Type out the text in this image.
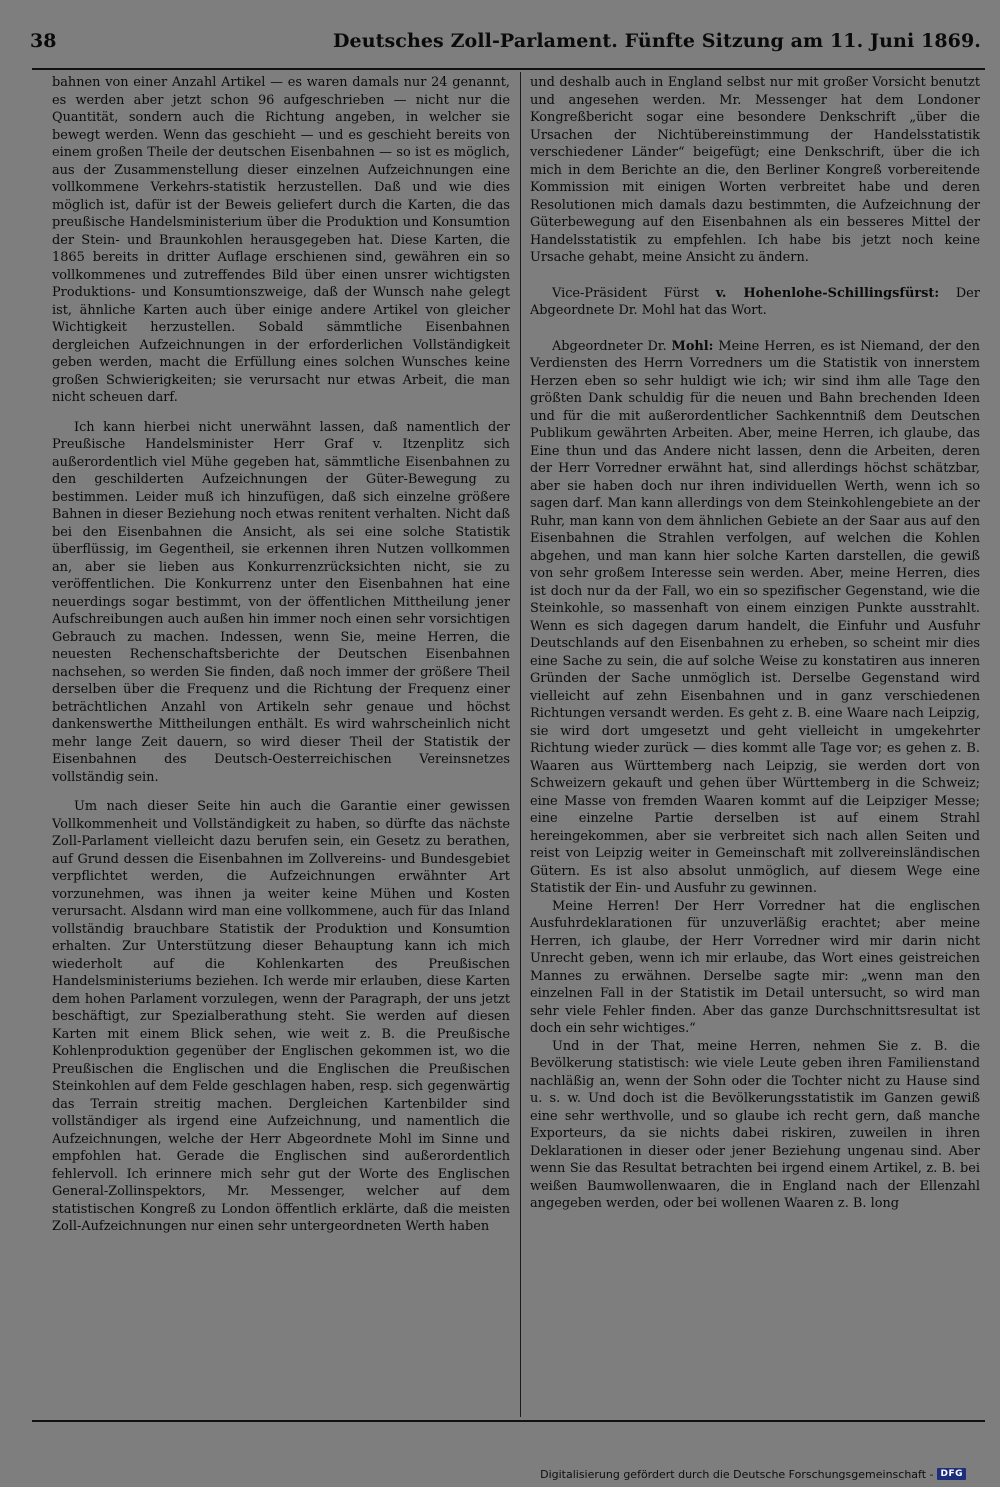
38	Deutsches Zoll-Parlament. Fünfte Sitzung am 11. Juni 1869.

bahnen von einer Anzahl Artikel — es waren damals nur 24 genannt, es werden aber jetzt schon 96 aufgeschrieben — nicht nur die Quantität, sondern auch die Richtung angeben, in welcher sie bewegt werden. Wenn das geschieht — und es geschieht bereits von einem großen Theile der deutschen Eisenbahnen — so ist es möglich, aus der Zusammenstellung dieser einzelnen Aufzeichnungen eine vollkommene Verkehrs-statistik herzustellen. Daß und wie dies möglich ist, dafür ist der Beweis geliefert durch die Karten, die das preußische Handelsministerium über die Produktion und Konsumtion der Stein- und Braunkohlen herausgegeben hat. Diese Karten, die 1865 bereits in dritter Auflage erschienen sind, gewähren ein so vollkommenes und zutreffendes Bild über einen unsrer wichtigsten Produktions- und Konsumtionszweige, daß der Wunsch nahe gelegt ist, ähnliche Karten auch über einige andere Artikel von gleicher Wichtigkeit herzustellen. Sobald sämmtliche Eisenbahnen dergleichen Aufzeichnungen in der erforderlichen Vollständigkeit geben werden, macht die Erfüllung eines solchen Wunsches keine großen Schwierigkeiten; sie verursacht nur etwas Arbeit, die man nicht scheuen darf.

Ich kann hierbei nicht unerwähnt lassen, daß namentlich der Preußische Handelsminister Herr Graf v. Itzenplitz sich außerordentlich viel Mühe gegeben hat, sämmtliche Eisenbahnen zu den geschilderten Aufzeichnungen der Güter-Bewegung zu bestimmen. Leider muß ich hinzufügen, daß sich einzelne größere Bahnen in dieser Beziehung noch etwas renitent verhalten. Nicht daß bei den Eisenbahnen die Ansicht, als sei eine solche Statistik überflüssig, im Gegentheil, sie erkennen ihren Nutzen vollkommen an, aber sie lieben aus Konkurrenzrücksichten nicht, sie zu veröffentlichen. Die Konkurrenz unter den Eisenbahnen hat eine neuerdings sogar bestimmt, von der öffentlichen Mittheilung jener Aufschreibungen auch außen hin immer noch einen sehr vorsichtigen Gebrauch zu machen. Indessen, wenn Sie, meine Herren, die neuesten Rechenschaftsberichte der Deutschen Eisenbahnen nachsehen, so werden Sie finden, daß noch immer der größere Theil derselben über die Frequenz und die Richtung der Frequenz einer beträchtlichen Anzahl von Artikeln sehr genaue und höchst dankenswerthe Mittheilungen enthält. Es wird wahrscheinlich nicht mehr lange Zeit dauern, so wird dieser Theil der Statistik der Eisenbahnen des Deutsch-Oesterreichischen Vereinsnetzes vollständig sein.

Um nach dieser Seite hin auch die Garantie einer gewissen Vollkommenheit und Vollständigkeit zu haben, so dürfte das nächste Zoll-Parlament vielleicht dazu berufen sein, ein Gesetz zu berathen, auf Grund dessen die Eisenbahnen im Zollvereins- und Bundesgebiet verpflichtet werden, die Aufzeichnungen erwähnter Art vorzunehmen, was ihnen ja weiter keine Mühen und Kosten verursacht. Alsdann wird man eine vollkommene, auch für das Inland vollständig brauchbare Statistik der Produktion und Konsumtion erhalten. Zur Unterstützung dieser Behauptung kann ich mich wiederholt auf die Kohlenkarten des Preußischen Handelsministeriums beziehen. Ich werde mir erlauben, diese Karten dem hohen Parlament vorzulegen, wenn der Paragraph, der uns jetzt beschäftigt, zur Spezialberathung steht. Sie werden auf diesen Karten mit einem Blick sehen, wie weit z. B. die Preußische Kohlenproduktion gegenüber der Englischen gekommen ist, wo die Preußischen die Englischen und die Englischen die Preußischen Steinkohlen auf dem Felde geschlagen haben, resp. sich gegenwärtig das Terrain streitig machen. Dergleichen Kartenbilder sind vollständiger als irgend eine Aufzeichnung, und namentlich die Aufzeichnungen, welche der Herr Abgeordnete Mohl im Sinne und empfohlen hat. Gerade die Englischen sind außerordentlich fehlervoll. Ich erinnere mich sehr gut der Worte des Englischen General-Zollinspektors, Mr. Messenger, welcher auf dem statistischen Kongreß zu London öffentlich erklärte, daß die meisten Zoll-Aufzeichnungen nur einen sehr untergeordneten Werth haben

und deshalb auch in England selbst nur mit großer Vorsicht benutzt und angesehen werden. Mr. Messenger hat dem Londoner Kongreßbericht sogar eine besondere Denkschrift „über die Ursachen der Nichtübereinstimmung der Handelsstatistik verschiedener Länder“ beigefügt; eine Denkschrift, über die ich mich in dem Berichte an die, den Berliner Kongreß vorbereitende Kommission mit einigen Worten verbreitet habe und deren Resolutionen mich damals dazu bestimmten, die Aufzeichnung der Güterbewegung auf den Eisenbahnen als ein besseres Mittel der Handelsstatistik zu empfehlen. Ich habe bis jetzt noch keine Ursache gehabt, meine Ansicht zu ändern.

Vice-Präsident Fürst v. Hohenlohe-Schillingsfürst: Der Abgeordnete Dr. Mohl hat das Wort.

Abgeordneter Dr. Mohl: Meine Herren, es ist Niemand, der den Verdiensten des Herrn Vorredners um die Statistik von innerstem Herzen eben so sehr huldigt wie ich; wir sind ihm alle Tage den größten Dank schuldig für die neuen und Bahn brechenden Ideen und für die mit außerordentlicher Sachkenntniß dem Deutschen Publikum gewährten Arbeiten. Aber, meine Herren, ich glaube, das Eine thun und das Andere nicht lassen, denn die Arbeiten, deren der Herr Vorredner erwähnt hat, sind allerdings höchst schätzbar, aber sie haben doch nur ihren individuellen Werth, wenn ich so sagen darf. Man kann allerdings von dem Steinkohlengebiete an der Ruhr, man kann von dem ähnlichen Gebiete an der Saar aus auf den Eisenbahnen die Strahlen verfolgen, auf welchen die Kohlen abgehen, und man kann hier solche Karten darstellen, die gewiß von sehr großem Interesse sein werden. Aber, meine Herren, dies ist doch nur da der Fall, wo ein so spezifischer Gegenstand, wie die Steinkohle, so massenhaft von einem einzigen Punkte ausstrahlt. Wenn es sich dagegen darum handelt, die Einfuhr und Ausfuhr Deutschlands auf den Eisenbahnen zu erheben, so scheint mir dies eine Sache zu sein, die auf solche Weise zu konstatiren aus inneren Gründen der Sache unmöglich ist. Derselbe Gegenstand wird vielleicht auf zehn Eisenbahnen und in ganz verschiedenen Richtungen versandt werden. Es geht z. B. eine Waare nach Leipzig, sie wird dort umgesetzt und geht vielleicht in umgekehrter Richtung wieder zurück — dies kommt alle Tage vor; es gehen z. B. Waaren aus Württemberg nach Leipzig, sie werden dort von Schweizern gekauft und gehen über Württemberg in die Schweiz; eine Masse von fremden Waaren kommt auf die Leipziger Messe; eine einzelne Partie derselben ist auf einem Strahl hereingekommen, aber sie verbreitet sich nach allen Seiten und reist von Leipzig weiter in Gemeinschaft mit zollvereinsländischen Gütern. Es ist also absolut unmöglich, auf diesem Wege eine Statistik der Ein- und Ausfuhr zu gewinnen.

Meine Herren! Der Herr Vorredner hat die englischen Ausfuhrdeklarationen für unzuverläßig erachtet; aber meine Herren, ich glaube, der Herr Vorredner wird mir darin nicht Unrecht geben, wenn ich mir erlaube, das Wort eines geistreichen Mannes zu erwähnen. Derselbe sagte mir: „wenn man den einzelnen Fall in der Statistik im Detail untersucht, so wird man sehr viele Fehler finden. Aber das ganze Durchschnittsresultat ist doch ein sehr wichtiges.“

Und in der That, meine Herren, nehmen Sie z. B. die Bevölkerung statistisch: wie viele Leute geben ihren Familienstand nachläßig an, wenn der Sohn oder die Tochter nicht zu Hause sind u. s. w. Und doch ist die Bevölkerungsstatistik im Ganzen gewiß eine sehr werthvolle, und so glaube ich recht gern, daß manche Exporteurs, da sie nichts dabei riskiren, zuweilen in ihren Deklarationen in dieser oder jener Beziehung ungenau sind. Aber wenn Sie das Resultat betrachten bei irgend einem Artikel, z. B. bei weißen Baumwollenwaaren, die in England nach der Ellenzahl angegeben werden, oder bei wollenen Waaren z. B. long

Digitalisierung gefördert durch die Deutsche Forschungsgemeinschaft - DFG
